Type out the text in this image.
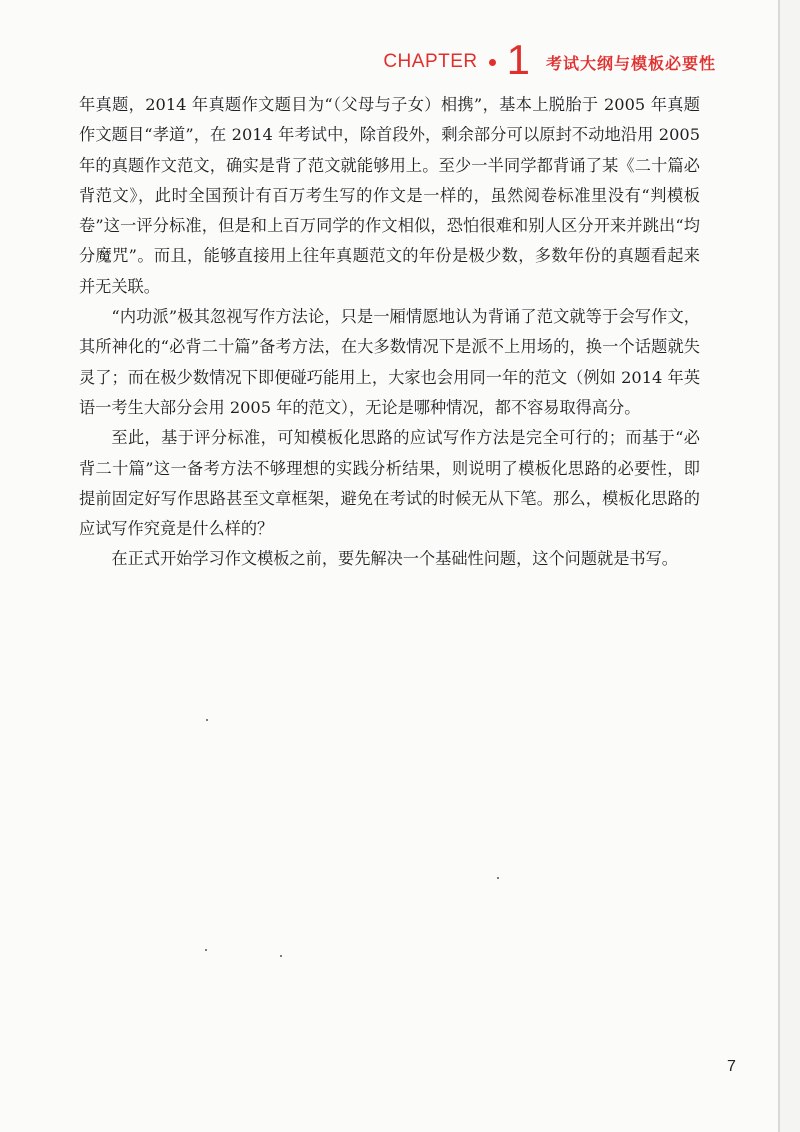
CHAPTER 1 考试大纲与模板必要性

年真题，2014 年真题作文题目为“（父母与子女）相携”，基本上脱胎于 2005 年真题作文题目“孝道”，在 2014 年考试中，除首段外，剩余部分可以原封不动地沿用 2005 年的真题作文范文，确实是背了范文就能够用上。至少一半同学都背诵了某《二十篇必背范文》，此时全国预计有百万考生写的作文是一样的，虽然阅卷标准里没有“判模板卷”这一评分标准，但是和上百万同学的作文相似，恐怕很难和别人区分开来并跳出“均分魔咒”。而且，能够直接用上往年真题范文的年份是极少数，多数年份的真题看起来并无关联。

“内功派”极其忽视写作方法论，只是一厢情愿地认为背诵了范文就等于会写作文，其所神化的“必背二十篇”备考方法，在大多数情况下是派不上用场的，换一个话题就失灵了；而在极少数情况下即便碰巧能用上，大家也会用同一年的范文（例如 2014 年英语一考生大部分会用 2005 年的范文），无论是哪种情况，都不容易取得高分。

至此，基于评分标准，可知模板化思路的应试写作方法是完全可行的；而基于“必背二十篇”这一备考方法不够理想的实践分析结果，则说明了模板化思路的必要性，即提前固定好写作思路甚至文章框架，避免在考试的时候无从下笔。那么，模板化思路的应试写作究竟是什么样的？

在正式开始学习作文模板之前，要先解决一个基础性问题，这个问题就是书写。

7
